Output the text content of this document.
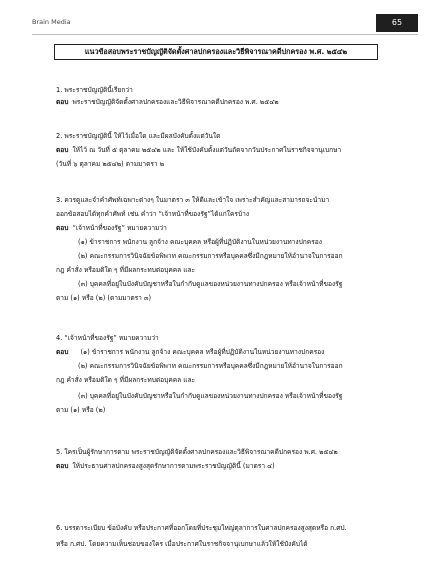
Brain Media	65
แนวข้อสอบพระราชบัญญัติจัดตั้งศาลปกครองและวิธีพิจารณาคดีปกครอง พ.ศ. ๒๕๔๒
1. พระราชบัญญัตินี้เรียกว่า
ตอบ พระราชบัญญัติจัดตั้งศาลปกครองและวิธีพิจารณาคดีปกครอง พ.ศ. ๒๕๔๒
2. พระราชบัญญัตินี้ ให้ไว้เมื่อใด และมีผลบังคับตั้งแต่วันใด
ตอบ ให้ไว้ ณ วันที่ ๕ ตุลาคม ๒๕๔๒ และ ให้ใช้บังคับตั้งแต่วันถัดจากวันประกาศในราชกิจจานุเบกษา
(วันที่ ๖ ตุลาคม ๒๕๔๒) ตามมาตรา ๒
3. ควรดูและจำคำศัพท์เฉพาะต่างๆ ในมาตรา ๓ ให้ดีและเข้าใจ เพราะสำคัญและสามารถจะนำมา
ออกข้อสอบได้ทุกคำศัพท์ เช่น คำว่า “เจ้าหน้าที่ของรัฐ”ได้แก่ใครบ้าง
ตอบ “เจ้าหน้าที่ของรัฐ” หมายความว่า
(๑) ข้าราชการ พนักงาน ลูกจ้าง คณะบุคคล หรือผู้ที่ปฏิบัติงานในหน่วยงานทางปกครอง
(๒) คณะกรรมการวินิจฉัยข้อพิพาท คณะกรรมการหรือบุคคลซึ่งมีกฎหมายให้อำนาจในการออก
กฎ คำสั่ง หรือมติใด ๆ ที่มีผลกระทบต่อบุคคล และ
(๓) บุคคลที่อยู่ในบังคับบัญชาหรือในกำกับดูแลของหน่วยงานทางปกครอง หรือเจ้าหน้าที่ของรัฐ
ตาม (๑) หรือ (๒) (ตามมาตรา ๓)
4. “เจ้าหน้าที่ของรัฐ” หมายความว่า
ตอบ (๑) ข้าราชการ พนักงาน ลูกจ้าง คณะบุคคล หรือผู้ที่ปฏิบัติงานในหน่วยงานทางปกครอง
(๒) คณะกรรมการวินิจฉัยข้อพิพาท คณะกรรมการหรือบุคคลซึ่งมีกฎหมายให้อำนาจในการออก
กฎ คำสั่ง หรือมติใด ๆ ที่มีผลกระทบต่อบุคคล และ
(๓) บุคคลที่อยู่ในบังคับบัญชาหรือในกำกับดูแลของหน่วยงานทางปกครอง หรือเจ้าหน้าที่ของรัฐ
ตาม (๑) หรือ (๒)
5. ใครเป็นผู้รักษาการตาม พระราชบัญญัติจัดตั้งศาลปกครองและวิธีพิจารณาคดีปกครอง พ.ศ. ๒๕๔๒
ตอบ ให้ประธานศาลปกครองสูงสุดรักษาการตามพระราชบัญญัตินี้ (มาตรา ๔)
6. บรรดาระเบียบ ข้อบังคับ หรือประกาศที่ออกโดยที่ประชุมใหญ่ตุลาการในศาลปกครองสูงสุดหรือ ก.ศป.
หรือ ก.ศป. โดยความเห็นชอบของใคร เมื่อประกาศในราชกิจจานุเบกษาแล้วให้ใช้บังคับได้
